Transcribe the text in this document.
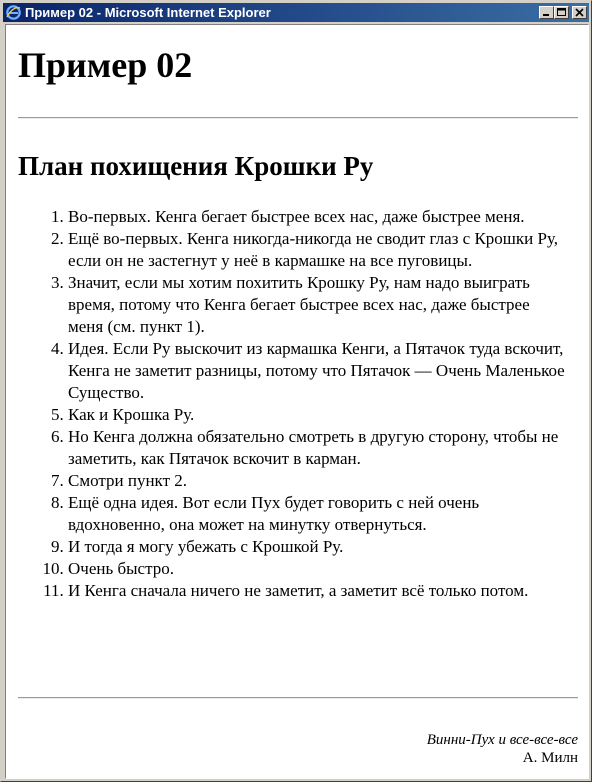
Пример 02 - Microsoft Internet Explorer
Пример 02
План похищения Крошки Ру
1. Во-первых. Кенга бегает быстрее всех нас, даже быстрее меня.
2. Ещё во-первых. Кенга никогда-никогда не сводит глаз с Крошки Ру, если он не застегнут у неё в кармашке на все пуговицы.
3. Значит, если мы хотим похитить Крошку Ру, нам надо выиграть время, потому что Кенга бегает быстрее всех нас, даже быстрее меня (см. пункт 1).
4. Идея. Если Ру выскочит из кармашка Кенги, а Пятачок туда вскочит, Кенга не заметит разницы, потому что Пятачок — Очень Маленькое Существо.
5. Как и Крошка Ру.
6. Но Кенга должна обязательно смотреть в другую сторону, чтобы не заметить, как Пятачок вскочит в карман.
7. Смотри пункт 2.
8. Ещё одна идея. Вот если Пух будет говорить с ней очень вдохновенно, она может на минутку отвернуться.
9. И тогда я могу убежать с Крошкой Ру.
10. Очень быстро.
11. И Кенга сначала ничего не заметит, а заметит всё только потом.
Винни-Пух и все-все-все
А. Милн
